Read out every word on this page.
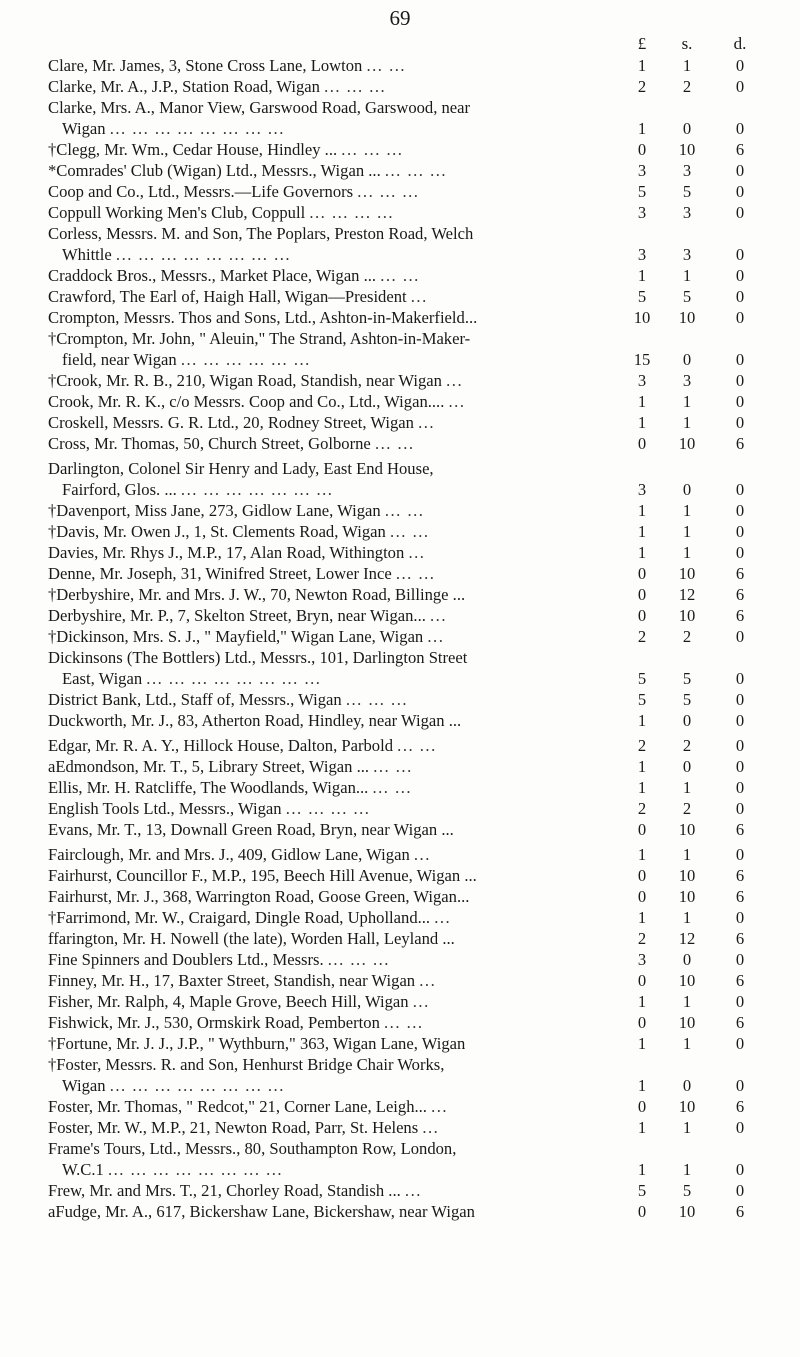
69
£	s.	d.
Clare, Mr. James, 3, Stone Cross Lane, Lowton ... ...	1	1	0
Clarke, Mr. A., J.P., Station Road, Wigan ... ... ...	2	2	0
Clarke, Mrs. A., Manor View, Garswood Road, Garswood, near
Wigan ... ... ... ... ... ... ... ...	1	0	0
†Clegg, Mr. Wm., Cedar House, Hindley ... ... ... ...	0	10	6
*Comrades' Club (Wigan) Ltd., Messrs., Wigan ... ... ... ...	3	3	0
Coop and Co., Ltd., Messrs.—Life Governors ... ... ...	5	5	0
Coppull Working Men's Club, Coppull ... ... ... ...	3	3	0
Corless, Messrs. M. and Son, The Poplars, Preston Road, Welch
Whittle ... ... ... ... ... ... ... ...	3	3	0
Craddock Bros., Messrs., Market Place, Wigan ... ... ...	1	1	0
Crawford, The Earl of, Haigh Hall, Wigan—President ...	5	5	0
Crompton, Messrs. Thos and Sons, Ltd., Ashton-in-Makerfield...	10	10	0
†Crompton, Mr. John, " Aleuin," The Strand, Ashton-in-Maker-
field, near Wigan ... ... ... ... ... ...	15	0	0
†Crook, Mr. R. B., 210, Wigan Road, Standish, near Wigan ...	3	3	0
Crook, Mr. R. K., c/o Messrs. Coop and Co., Ltd., Wigan.... ...	1	1	0
Croskell, Messrs. G. R. Ltd., 20, Rodney Street, Wigan ...	1	1	0
Cross, Mr. Thomas, 50, Church Street, Golborne ... ...	0	10	6
Darlington, Colonel Sir Henry and Lady, East End House,
Fairford, Glos. ... ... ... ... ... ... ... ...	3	0	0
†Davenport, Miss Jane, 273, Gidlow Lane, Wigan ... ...	1	1	0
†Davis, Mr. Owen J., 1, St. Clements Road, Wigan ... ...	1	1	0
Davies, Mr. Rhys J., M.P., 17, Alan Road, Withington ...	1	1	0
Denne, Mr. Joseph, 31, Winifred Street, Lower Ince ... ...	0	10	6
†Derbyshire, Mr. and Mrs. J. W., 70, Newton Road, Billinge ...	0	12	6
Derbyshire, Mr. P., 7, Skelton Street, Bryn, near Wigan... ...	0	10	6
†Dickinson, Mrs. S. J., " Mayfield," Wigan Lane, Wigan ...	2	2	0
Dickinsons (The Bottlers) Ltd., Messrs., 101, Darlington Street
East, Wigan ... ... ... ... ... ... ... ...	5	5	0
District Bank, Ltd., Staff of, Messrs., Wigan ... ... ...	5	5	0
Duckworth, Mr. J., 83, Atherton Road, Hindley, near Wigan ...	1	0	0
Edgar, Mr. R. A. Y., Hillock House, Dalton, Parbold ... ...	2	2	0
aEdmondson, Mr. T., 5, Library Street, Wigan ... ... ...	1	0	0
Ellis, Mr. H. Ratcliffe, The Woodlands, Wigan... ... ...	1	1	0
English Tools Ltd., Messrs., Wigan ... ... ... ...	2	2	0
Evans, Mr. T., 13, Downall Green Road, Bryn, near Wigan ...	0	10	6
Fairclough, Mr. and Mrs. J., 409, Gidlow Lane, Wigan ...	1	1	0
Fairhurst, Councillor F., M.P., 195, Beech Hill Avenue, Wigan ...	0	10	6
Fairhurst, Mr. J., 368, Warrington Road, Goose Green, Wigan...	0	10	6
†Farrimond, Mr. W., Craigard, Dingle Road, Upholland... ...	1	1	0
ffarington, Mr. H. Nowell (the late), Worden Hall, Leyland ...	2	12	6
Fine Spinners and Doublers Ltd., Messrs. ... ... ...	3	0	0
Finney, Mr. H., 17, Baxter Street, Standish, near Wigan ...	0	10	6
Fisher, Mr. Ralph, 4, Maple Grove, Beech Hill, Wigan ...	1	1	0
Fishwick, Mr. J., 530, Ormskirk Road, Pemberton ... ...	0	10	6
†Fortune, Mr. J. J., J.P., " Wythburn," 363, Wigan Lane, Wigan	1	1	0
†Foster, Messrs. R. and Son, Henhurst Bridge Chair Works,
Wigan ... ... ... ... ... ... ... ...	1	0	0
Foster, Mr. Thomas, " Redcot," 21, Corner Lane, Leigh... ...	0	10	6
Foster, Mr. W., M.P., 21, Newton Road, Parr, St. Helens ...	1	1	0
Frame's Tours, Ltd., Messrs., 80, Southampton Row, London,
W.C.1 ... ... ... ... ... ... ... ...	1	1	0
Frew, Mr. and Mrs. T., 21, Chorley Road, Standish ... ...	5	5	0
aFudge, Mr. A., 617, Bickershaw Lane, Bickershaw, near Wigan	0	10	6
